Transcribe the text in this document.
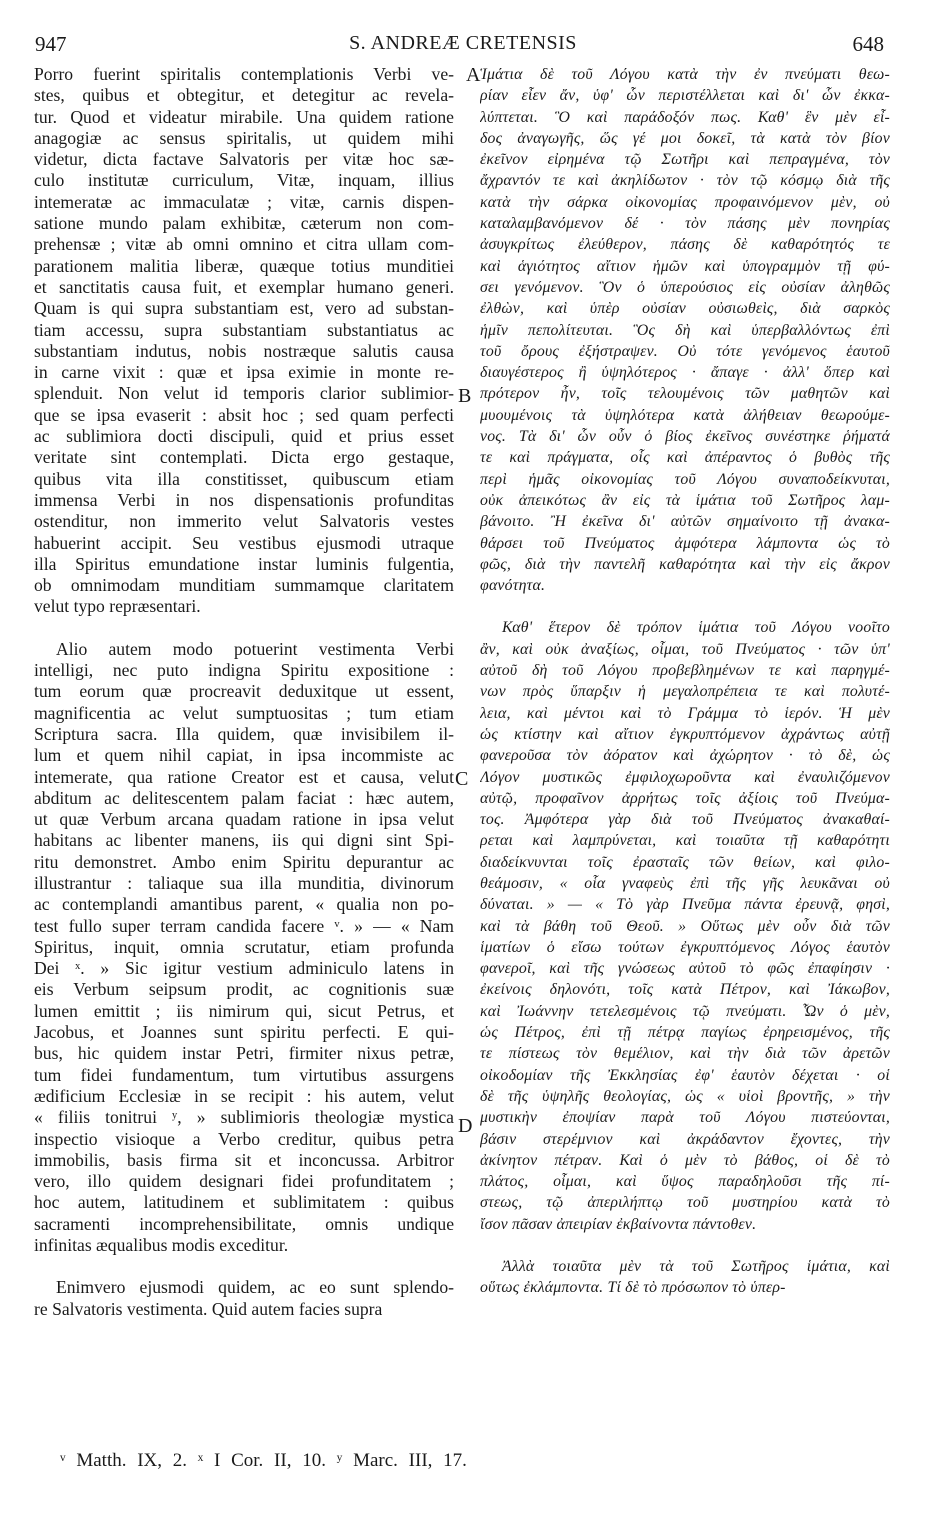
947	S. ANDREÆ CRETENSIS	648
Porro fuerint spiritalis contemplationis Verbi ve-
stes, quibus et obtegitur, et detegitur ac revela-
tur. Quod et videatur mirabile. Una quidem ratione
anagogiæ ac sensus spiritalis, ut quidem mihi
videtur, dicta factave Salvatoris per vitæ hoc sæ-
culo institutæ curriculum, Vitæ, inquam, illius
intemeratæ ac immaculatæ ; vitæ, carnis dispen-
satione mundo palam exhibitæ, cæterum non com-
prehensæ ; vitæ ab omni omnino et citra ullam com-
parationem malitia liberæ, quæque totius munditiei
et sanctitatis causa fuit, et exemplar humano generi.
Quam is qui supra substantiam est, vero ad substan-
tiam accessu, supra substantiam substantiatus ac
substantiam indutus, nobis nostræque salutis causa
in carne vixit : quæ et ipsa eximie in monte re-
splenduit. Non velut id temporis clarior sublimior-
que se ipsa evaserit : absit hoc ; sed quam perfecti
ac sublimiora docti discipuli, quid et prius esset
veritate sint contemplati. Dicta ergo gestaque,
quibus vita illa constitisset, quibuscum etiam
immensa Verbi in nos dispensationis profunditas
ostenditur, non immerito velut Salvatoris vestes
habuerint accipit. Seu vestibus ejusmodi utraque
illa Spiritus emundatione instar luminis fulgentia,
ob omnimodam munditiam summamque claritatem
velut typo repræsentari.
Alio autem modo potuerint vestimenta Verbi
intelligi, nec puto indigna Spiritu expositione :
tum eorum quæ procreavit deduxitque ut essent,
magnificentia ac velut sumptuositas ; tum etiam
Scriptura sacra. Illa quidem, quæ invisibilem il-
lum et quem nihil capiat, in ipsa incommiste ac
intemerate, qua ratione Creator est et causa, velut
abditum ac delitescentem palam faciat : hæc autem,
ut quæ Verbum arcana quadam ratione in ipsa velut
habitans ac libenter manens, iis qui digni sint Spi-
ritu demonstret. Ambo enim Spiritu depurantur ac
illustrantur : taliaque sua illa munditia, divinorum
ac contemplandi amantibus parent, « qualia non po-
test fullo super terram candida facere ᵛ. » — « Nam
Spiritus, inquit, omnia scrutatur, etiam profunda
Dei ˣ. » Sic igitur vestium adminiculo latens in
eis Verbum seipsum prodit, ac cognitionis suæ
lumen emittit ; iis nimirum qui, sicut Petrus, et
Jacobus, et Joannes sunt spiritu perfecti. E qui-
bus, hic quidem instar Petri, firmiter nixus petræ,
tum fidei fundamentum, tum virtutibus assurgens
ædificium Ecclesiæ in se recipit : his autem, velut
« filiis tonitrui ʸ, » sublimioris theologiæ mystica
inspectio visioque a Verbo creditur, quibus petra
immobilis, basis firma sit et inconcussa. Arbitror
vero, illo quidem designari fidei profunditatem ;
hoc autem, latitudinem et sublimitatem : quibus
sacramenti incomprehensibilitate, omnis undique
infinitas æqualibus modis exceditur.
Enimvero ejusmodi quidem, ac eo sunt splendo-
re Salvatoris vestimenta. Quid autem facies supra
Ἱμάτια δὲ τοῦ Λόγου κατὰ τὴν ἐν πνεύματι θεω-
ρίαν εἶεν ἄν, ὑφ' ὧν περιστέλλεται καὶ δι' ὧν ἐκκα-
λύπτεται. Ὃ καὶ παράδοξόν πως. Καθ' ἓν μὲν εἶ-
δος ἀναγωγῆς, ὥς γέ μοι δοκεῖ, τὰ κατὰ τὸν βίον
ἐκεῖνον εἰρημένα τῷ Σωτῆρι καὶ πεπραγμένα, τὸν
ἄχραντόν τε καὶ ἀκηλίδωτον · τὸν τῷ κόσμῳ διὰ τῆς
κατὰ τὴν σάρκα οἰκονομίας προφαινόμενον μὲν, οὐ
καταλαμβανόμενον δέ · τὸν πάσης μὲν πονηρίας
ἀσυγκρίτως ἐλεύθερον, πάσης δὲ καθαρότητός τε
καὶ ἁγιότητος αἴτιον ἡμῶν καὶ ὑπογραμμὸν τῇ φύ-
σει γενόμενον. Ὃν ὁ ὑπερούσιος εἰς οὐσίαν ἀληθῶς
ἐλθὼν, καὶ ὑπὲρ οὐσίαν οὐσιωθεὶς, διὰ σαρκὸς
ἡμῖν πεπολίτευται. Ὃς δὴ καὶ ὑπερβαλλόντως ἐπὶ
τοῦ ὄρους ἐξήστραψεν. Οὐ τότε γενόμενος ἑαυτοῦ
διαυγέστερος ἢ ὑψηλότερος · ἄπαγε · ἀλλ' ὅπερ καὶ
πρότερον ἦν, τοῖς τελουμένοις τῶν μαθητῶν καὶ
μυουμένοις τὰ ὑψηλότερα κατὰ ἀλήθειαν θεωρούμε-
νος. Τὰ δι' ὧν οὖν ὁ βίος ἐκεῖνος συνέστηκε ῥήματά
τε καὶ πράγματα, οἷς καὶ ἀπέραντος ὁ βυθὸς τῆς
περὶ ἡμᾶς οἰκονομίας τοῦ Λόγου συναποδείκνυται,
οὐκ ἀπεικότως ἂν εἰς τὰ ἱμάτια τοῦ Σωτῆρος λαμ-
βάνοιτο. Ἢ ἐκεῖνα δι' αὐτῶν σημαίνοιτο τῇ ἀνακα-
θάρσει τοῦ Πνεύματος ἀμφότερα λάμποντα ὡς τὸ
φῶς, διὰ τὴν παντελῆ καθαρότητα καὶ τὴν εἰς ἄκρον
φανότητα.
Καθ' ἕτερον δὲ τρόπον ἱμάτια τοῦ Λόγου νοοῖτο
ἂν, καὶ οὐκ ἀναξίως, οἶμαι, τοῦ Πνεύματος · τῶν ὑπ'
αὐτοῦ δὴ τοῦ Λόγου προβεβλημένων τε καὶ παρηγμέ-
νων πρὸς ὕπαρξιν ἡ μεγαλοπρέπεια τε καὶ πολυτέ-
λεια, καὶ μέντοι καὶ τὸ Γράμμα τὸ ἱερόν. Ἡ μὲν
ὡς κτίστην καὶ αἴτιον ἐγκρυπτόμενον ἀχράντως αὐτῇ
φανεροῦσα τὸν ἀόρατον καὶ ἀχώρητον · τὸ δὲ, ὡς
Λόγον μυστικῶς ἐμφιλοχωροῦντα καὶ ἐναυλιζόμενον
αὐτῷ, προφαῖνον ἀρρήτως τοῖς ἀξίοις τοῦ Πνεύμα-
τος. Ἀμφότερα γὰρ διὰ τοῦ Πνεύματος ἀνακαθαί-
ρεται καὶ λαμπρύνεται, καὶ τοιαῦτα τῇ καθαρότητι
διαδείκνυνται τοῖς ἐρασταῖς τῶν θείων, καὶ φιλο-
θεάμοσιν, « οἷα γναφεὺς ἐπὶ τῆς γῆς λευκᾶναι οὐ
δύναται. » — « Τὸ γὰρ Πνεῦμα πάντα ἐρευνᾷ, φησὶ,
καὶ τὰ βάθη τοῦ Θεοῦ. » Οὕτως μὲν οὖν διὰ τῶν
ἱματίων ὁ εἴσω τούτων ἐγκρυπτόμενος Λόγος ἑαυτὸν
φανεροῖ, καὶ τῆς γνώσεως αὐτοῦ τὸ φῶς ἐπαφίησιν ·
ἐκείνοις δηλονότι, τοῖς κατὰ Πέτρον, καὶ Ἰάκωβον,
καὶ Ἰωάννην τετελεσμένοις τῷ πνεύματι. Ὧν ὁ μὲν,
ὡς Πέτρος, ἐπὶ τῇ πέτρᾳ παγίως ἐρηρεισμένος, τῆς
τε πίστεως τὸν θεμέλιον, καὶ τὴν διὰ τῶν ἀρετῶν
οἰκοδομίαν τῆς Ἐκκλησίας ἐφ' ἑαυτὸν δέχεται · οἱ
δὲ τῆς ὑψηλῆς θεολογίας, ὡς « υἱοὶ βροντῆς, » τὴν
μυστικὴν ἐποψίαν παρὰ τοῦ Λόγου πιστεύονται,
βάσιν στερέμνιον καὶ ἀκράδαντον ἔχοντες, τὴν
ἀκίνητον πέτραν. Καὶ ὁ μὲν τὸ βάθος, οἱ δὲ τὸ
πλάτος, οἶμαι, καὶ ὕψος παραδηλοῦσι τῆς πί-
στεως, τῷ ἀπεριλήπτῳ τοῦ μυστηρίου κατὰ τὸ
ἴσον πᾶσαν ἀπειρίαν ἐκβαίνοντα πάντοθεν.
Ἀλλὰ τοιαῦτα μὲν τὰ τοῦ Σωτῆρος ἱμάτια, καὶ
οὕτως ἐκλάμποντα. Τί δὲ τὸ πρόσωπον τὸ ὑπερ-
A
B
C
D
ᵛ Matth. IX, 2. ˣ I Cor. II, 10. ʸ Marc. III, 17.
